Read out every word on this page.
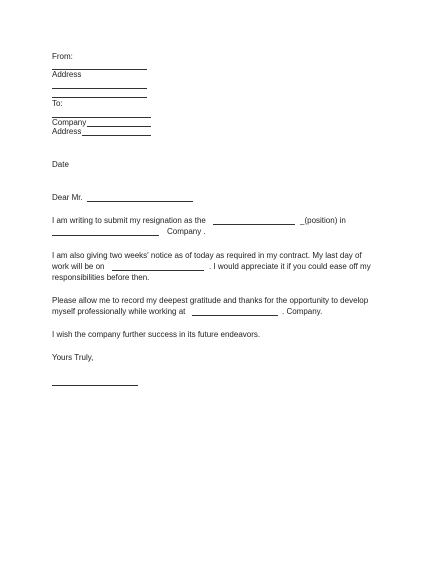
From:
Address
To:
Company
Address
Date
Dear Mr.
I am writing to submit my resignation as the	_(position) in
Company .
I am also giving two weeks' notice as of today as required in my contract. My last day of
work will be on	. I would appreciate it if you could ease off my
responsibilities before then.
Please allow me to record my deepest gratitude and thanks for the opportunity to develop
myself professionally while working at	. Company.
I wish the company further success in its future endeavors.
Yours Truly,
